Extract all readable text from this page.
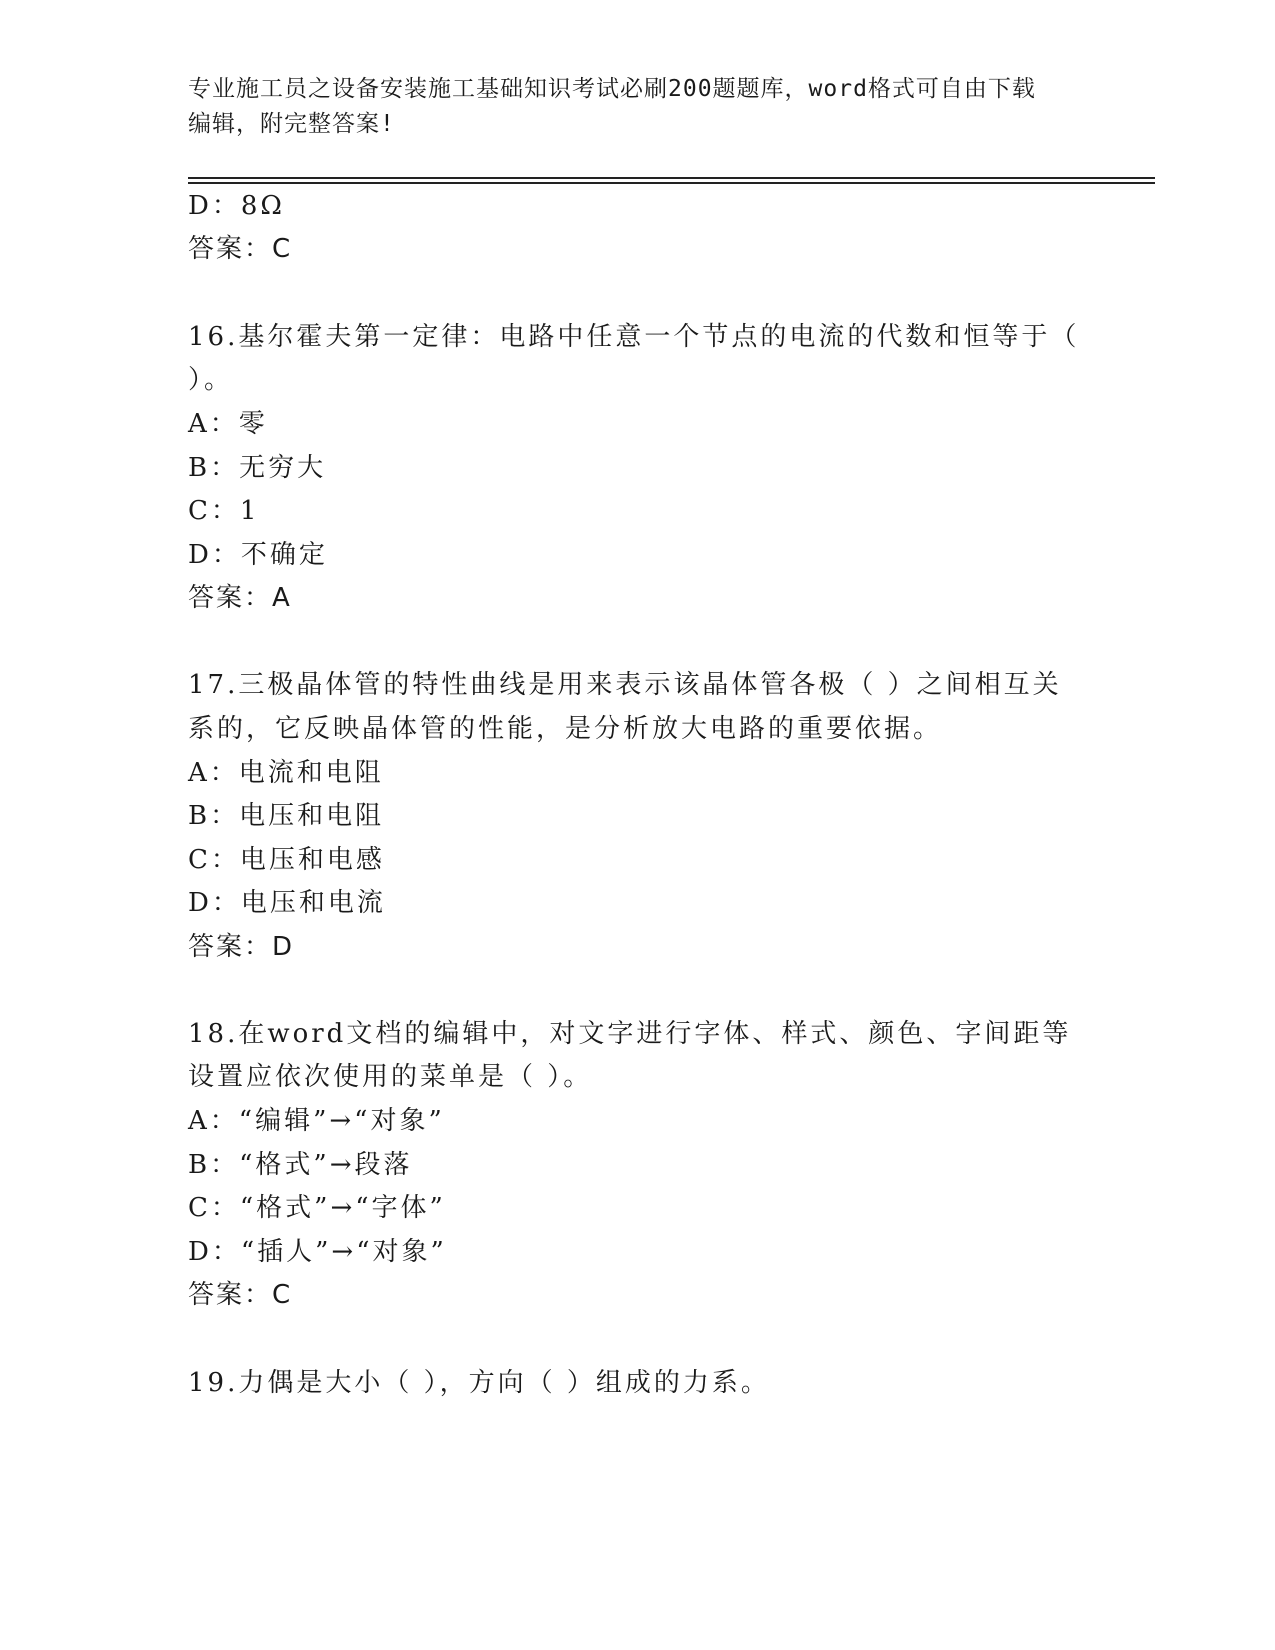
专业施工员之设备安装施工基础知识考试必刷200题题库，word格式可自由下载
编辑，附完整答案!
D：8Ω
答案：C
16.基尔霍夫第一定律：电路中任意一个节点的电流的代数和恒等于（
）。
A：零
B：无穷大
C：1
D：不确定
答案：A
17.三极晶体管的特性曲线是用来表示该晶体管各极（ ）之间相互关
系的，它反映晶体管的性能，是分析放大电路的重要依据。
A：电流和电阻
B：电压和电阻
C：电压和电感
D：电压和电流
答案：D
18.在word文档的编辑中，对文字进行字体、样式、颜色、字间距等
设置应依次使用的菜单是（ ）。
A：“编辑”→“对象”
B：“格式”→段落
C：“格式”→“字体”
D：“插人”→“对象”
答案：C
19.力偶是大小（ ），方向（ ）组成的力系。
